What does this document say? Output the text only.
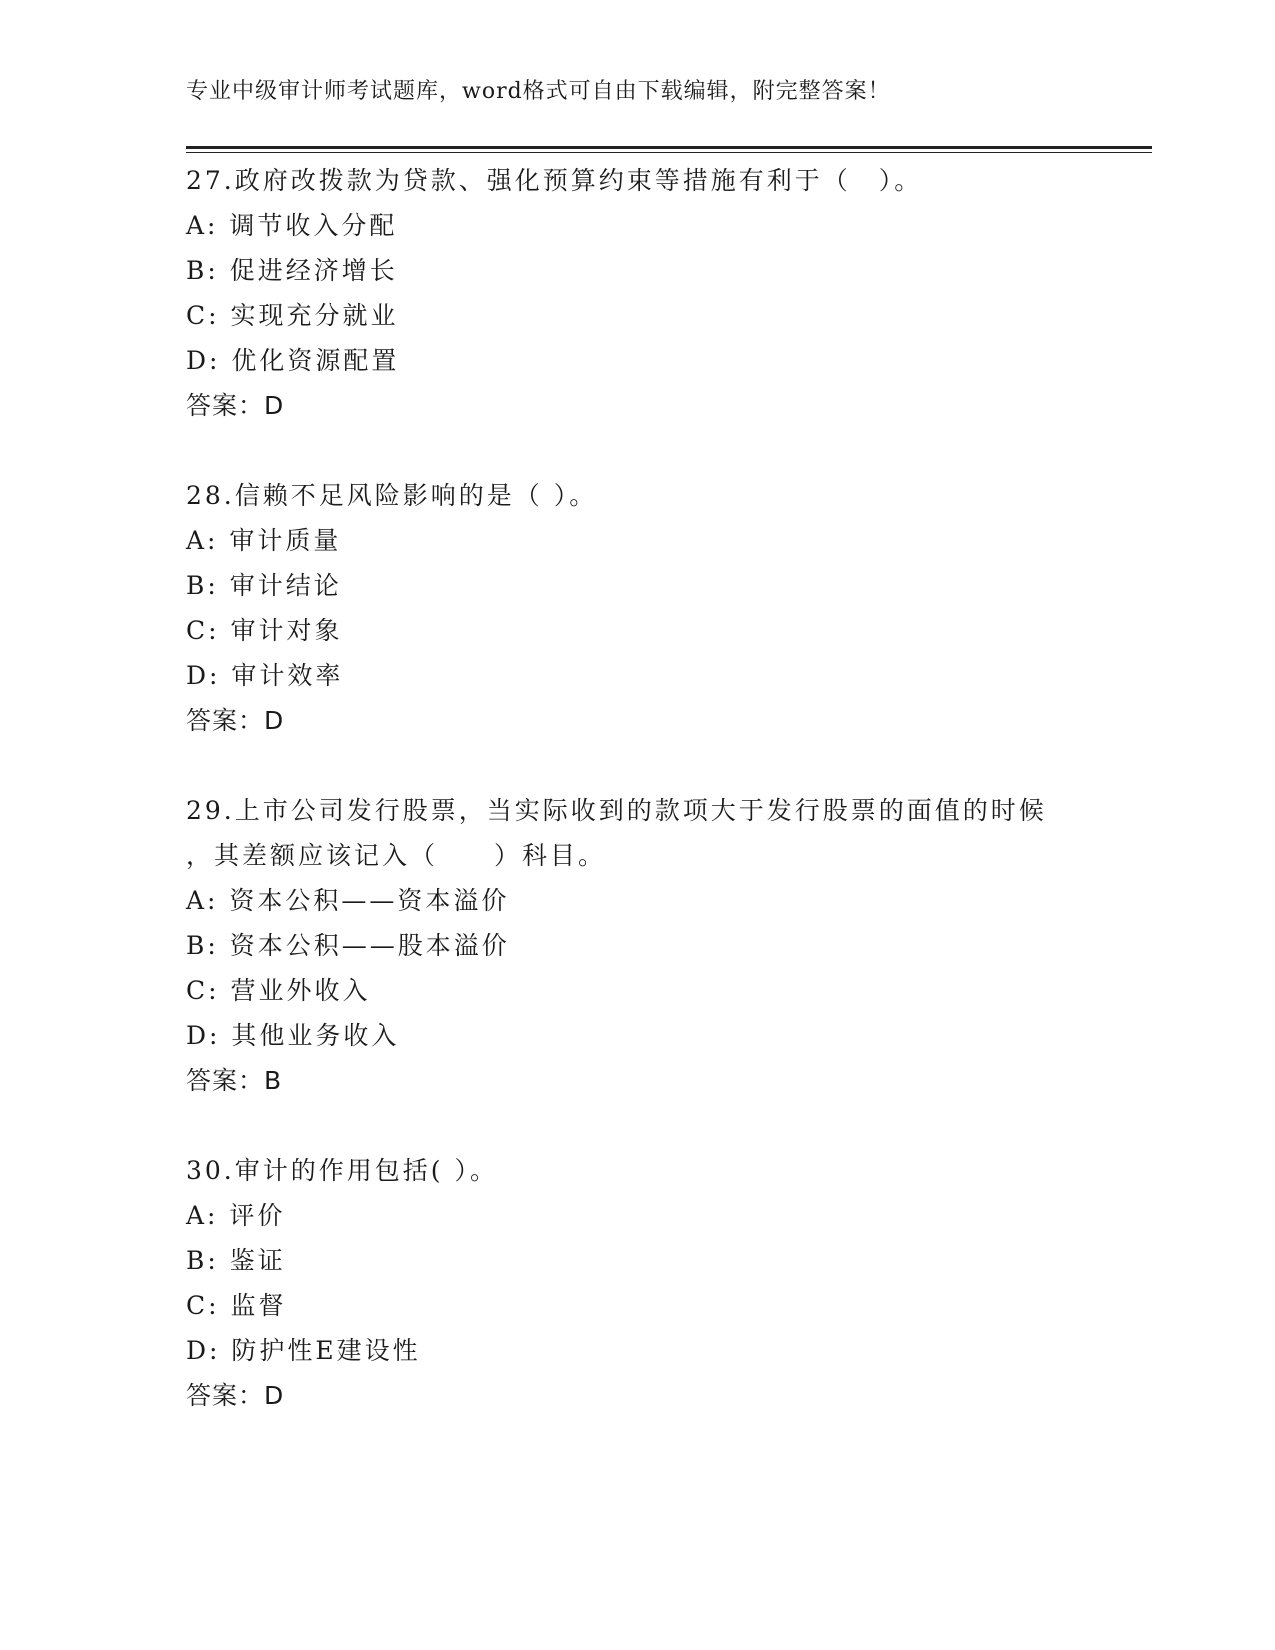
专业中级审计师考试题库，word格式可自由下载编辑，附完整答案！

27.政府改拨款为贷款、强化预算约束等措施有利于（　）。

A: 调节收入分配

B: 促进经济增长

C: 实现充分就业

D: 优化资源配置

答案：D

28.信赖不足风险影响的是（ ）。

A: 审计质量

B: 审计结论

C: 审计对象

D: 审计效率

答案：D

29.上市公司发行股票，当实际收到的款项大于发行股票的面值的时候

，其差额应该记入（　　）科目。

A: 资本公积——资本溢价

B: 资本公积——股本溢价

C: 营业外收入

D: 其他业务收入

答案：B

30.审计的作用包括( ）。

A: 评价

B: 鉴证

C: 监督

D: 防护性E建设性

答案：D
